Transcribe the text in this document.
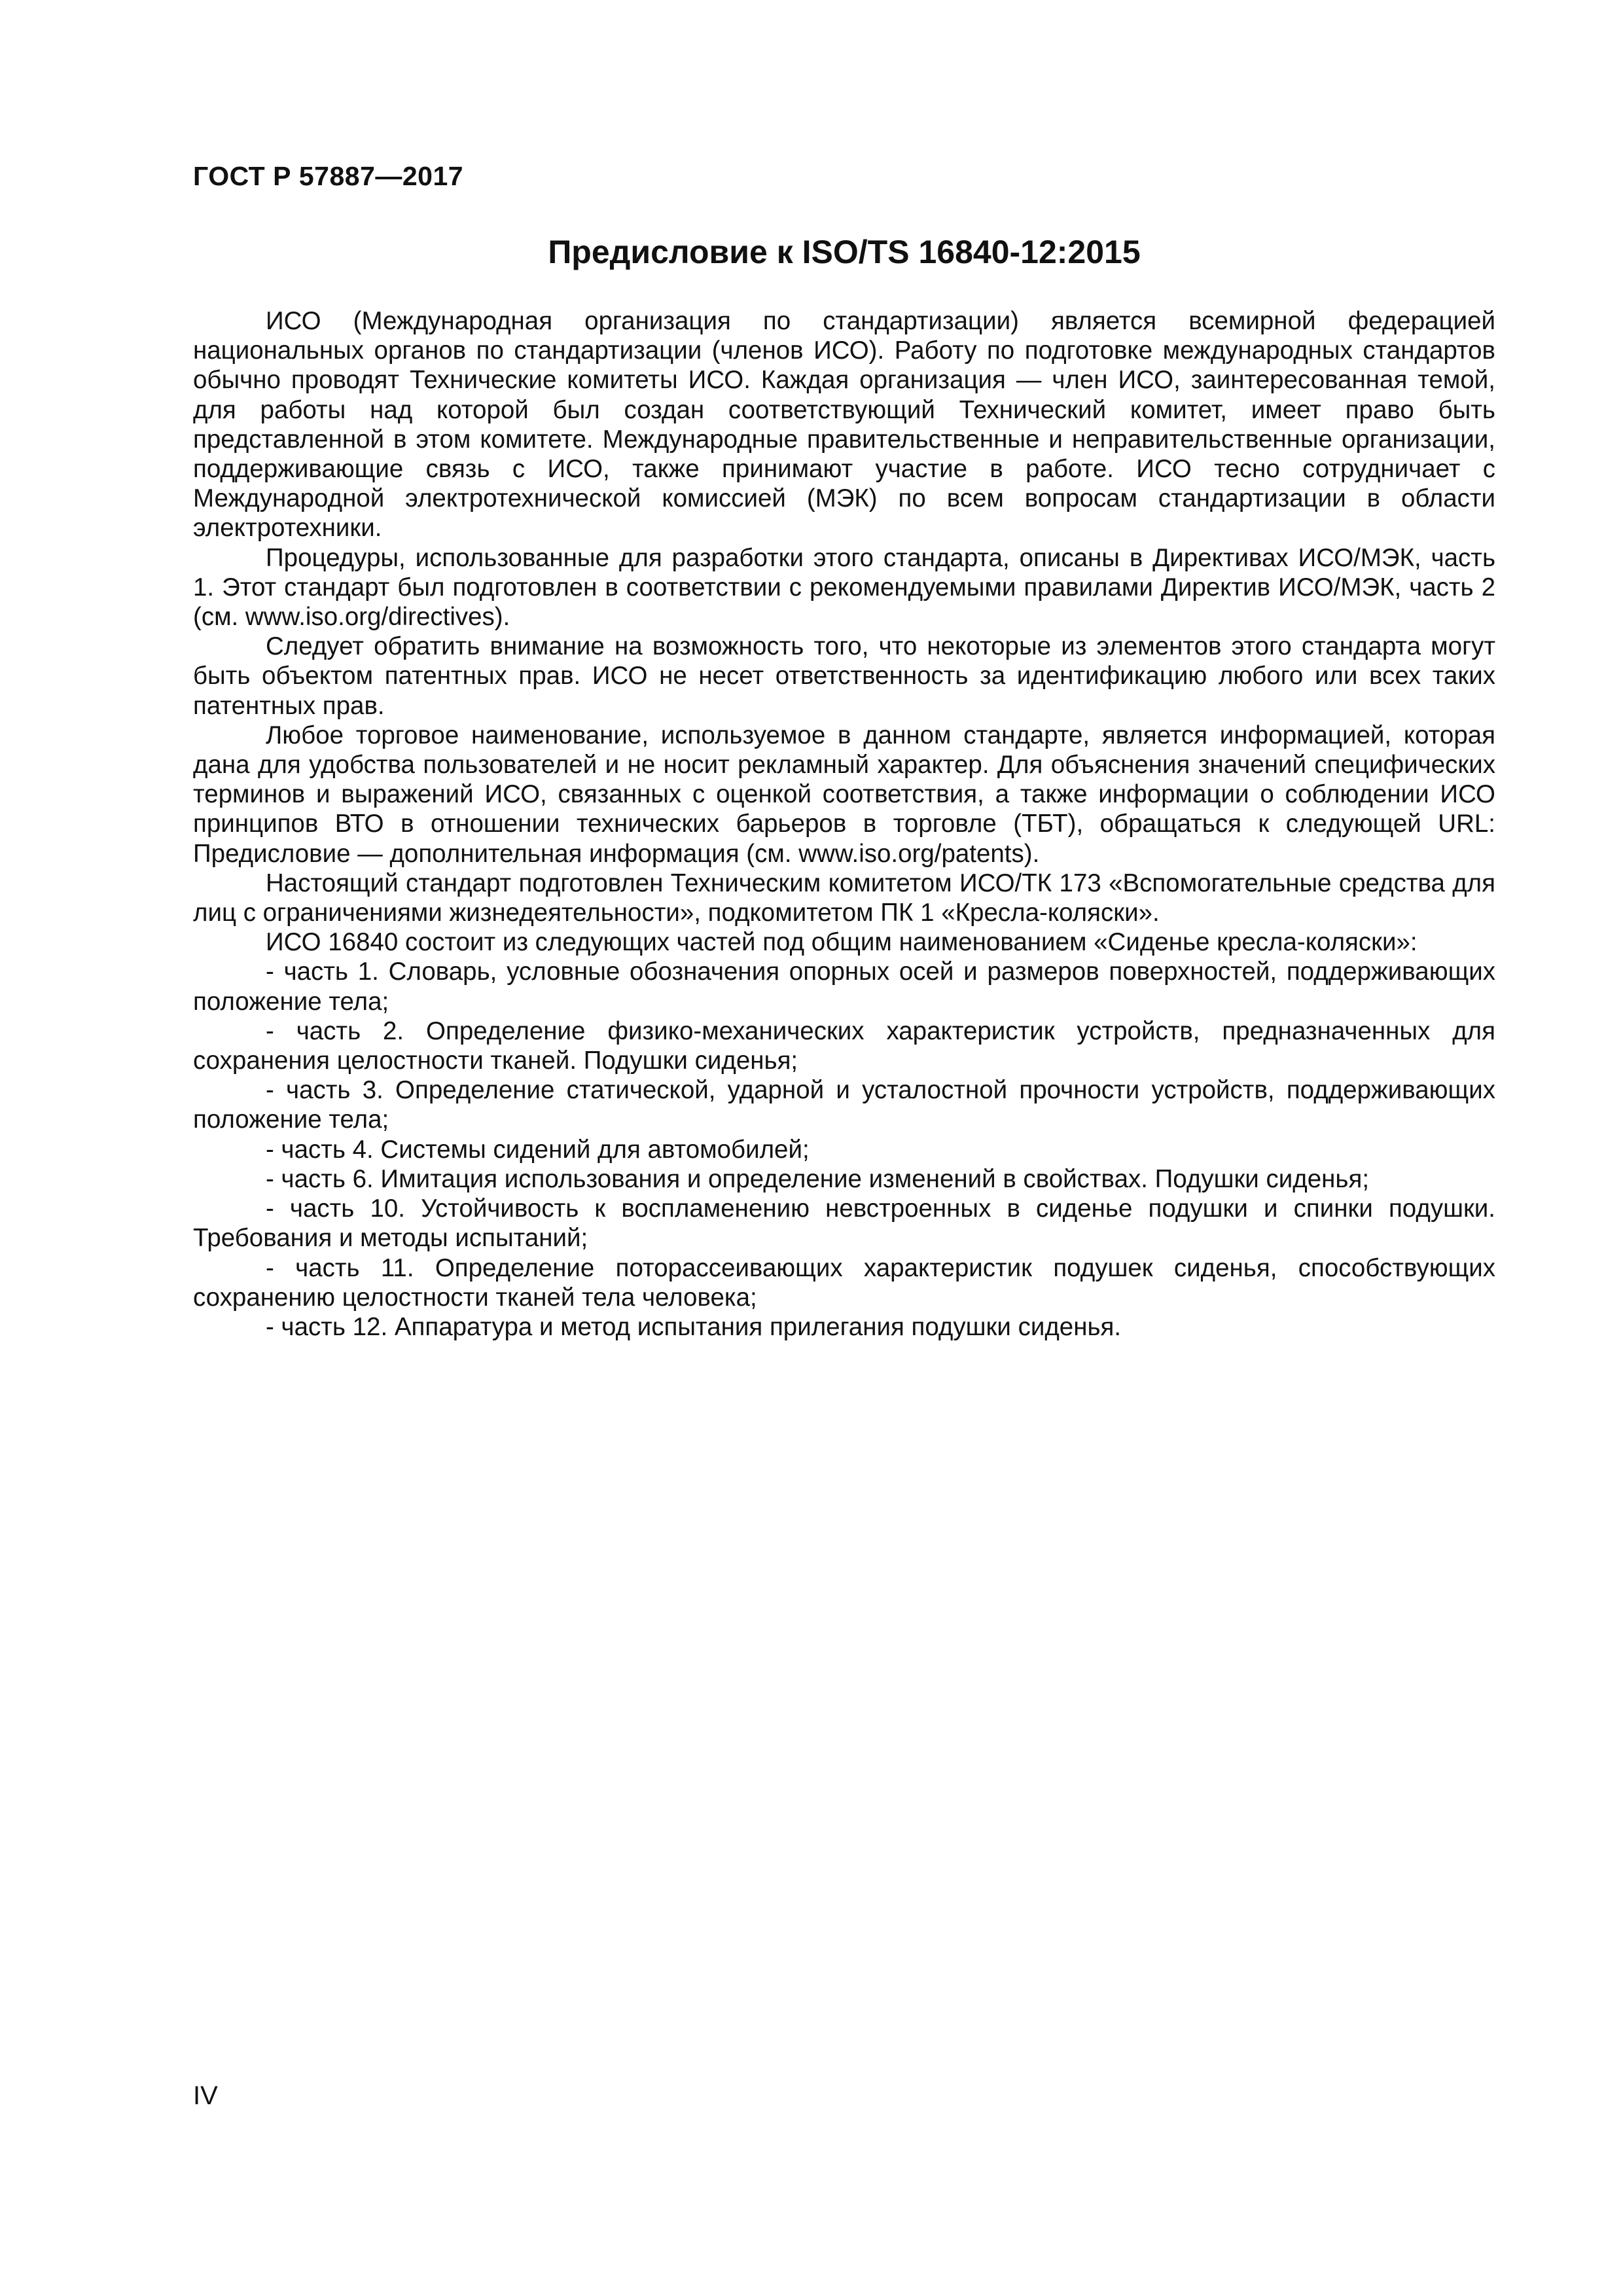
ГОСТ Р 57887—2017
Предисловие к ISO/TS 16840-12:2015

ИСО (Международная организация по стандартизации) является всемирной федерацией национальных органов по стандартизации (членов ИСО). Работу по подготовке международных стандартов обычно проводят Технические комитеты ИСО. Каждая организация — член ИСО, заинтересованная темой, для работы над которой был создан соответствующий Технический комитет, имеет право быть представленной в этом комитете. Международные правительственные и неправительственные организации, поддерживающие связь с ИСО, также принимают участие в работе. ИСО тесно сотрудничает с Международной электротехнической комиссией (МЭК) по всем вопросам стандартизации в области электротехники.

Процедуры, использованные для разработки этого стандарта, описаны в Директивах ИСО/МЭК, часть 1. Этот стандарт был подготовлен в соответствии с рекомендуемыми правилами Директив ИСО/МЭК, часть 2 (см. www.iso.org/directives).

Следует обратить внимание на возможность того, что некоторые из элементов этого стандарта могут быть объектом патентных прав. ИСО не несет ответственность за идентификацию любого или всех таких патентных прав.

Любое торговое наименование, используемое в данном стандарте, является информацией, которая дана для удобства пользователей и не носит рекламный характер. Для объяснения значений специфических терминов и выражений ИСО, связанных с оценкой соответствия, а также информации о соблюдении ИСО принципов ВТО в отношении технических барьеров в торговле (ТБТ), обращаться к следующей URL: Предисловие — дополнительная информация (см. www.iso.org/patents).

Настоящий стандарт подготовлен Техническим комитетом ИСО/ТК 173 «Вспомогательные средства для лиц с ограничениями жизнедеятельности», подкомитетом ПК 1 «Кресла-коляски».

ИСО 16840 состоит из следующих частей под общим наименованием «Сиденье кресла-коляски»:

- часть 1. Словарь, условные обозначения опорных осей и размеров поверхностей, поддерживающих положение тела;

- часть 2. Определение физико-механических характеристик устройств, предназначенных для сохранения целостности тканей. Подушки сиденья;

- часть 3. Определение статической, ударной и усталостной прочности устройств, поддерживающих положение тела;

- часть 4. Системы сидений для автомобилей;

- часть 6. Имитация использования и определение изменений в свойствах. Подушки сиденья;

- часть 10. Устойчивость к воспламенению невстроенных в сиденье подушки и спинки подушки. Требования и методы испытаний;

- часть 11. Определение поторассеивающих характеристик подушек сиденья, способствующих сохранению целостности тканей тела человека;

- часть 12. Аппаратура и метод испытания прилегания подушки сиденья.

IV
